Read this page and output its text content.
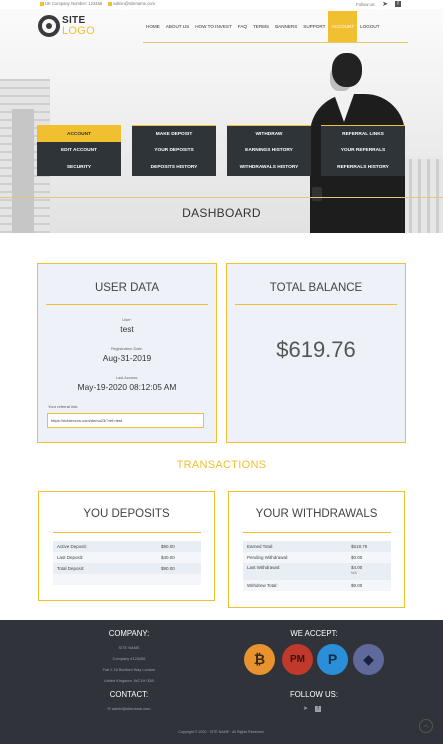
UK Company Number: 123456	admin@sitename.com	Follow us: ➤	f
SITE
LOGO	HOME	ABOUT US	HOW TO INVEST	FAQ	TERMS	BANNERS	SUPPORT	ACCOUNT	LOGOUT
ACCOUNT
EDIT ACCOUNT
SECURITY
MAKE DEPOSIT
YOUR DEPOSITS
DEPOSITS HISTORY
WITHDRAW
EARNINGS HISTORY
WITHDRAWALS HISTORY
REFERRAL LINKS
YOUR REFERRALS
REFERRALS HISTORY
DASHBOARD
USER DATA
User:
test
Registration Date:
Aug-31-2019
Last Access:
May-19-2020 08:12:05 AM
Your referral link:
https://richlexcon.com/demo23/?ref=test
TOTAL BALANCE
$619.76
TRANSACTIONS
YOU DEPOSITS
Active Deposit:	$90.00
Last Deposit:	$40.00
Total Deposit:	$90.00
YOUR WITHDRAWALS
Earned Total:	$518.76
Pending Withdrawal:	$0.00
Last Withdrawal:	$4.00
N/A
Withdrew Total:	$9.00
COMPANY:
SITE NAME
Company #123456
Flat 2 16 Bedford Way London
United Kingdom, WC1H 0DB
CONTACT:
✉ admin@sitename.com
WE ACCEPT:
₿	PM	P	◆
FOLLOW US:
➤	f
Copyright © 2020 · SITE NAME · All Rights Reserved.
︿
